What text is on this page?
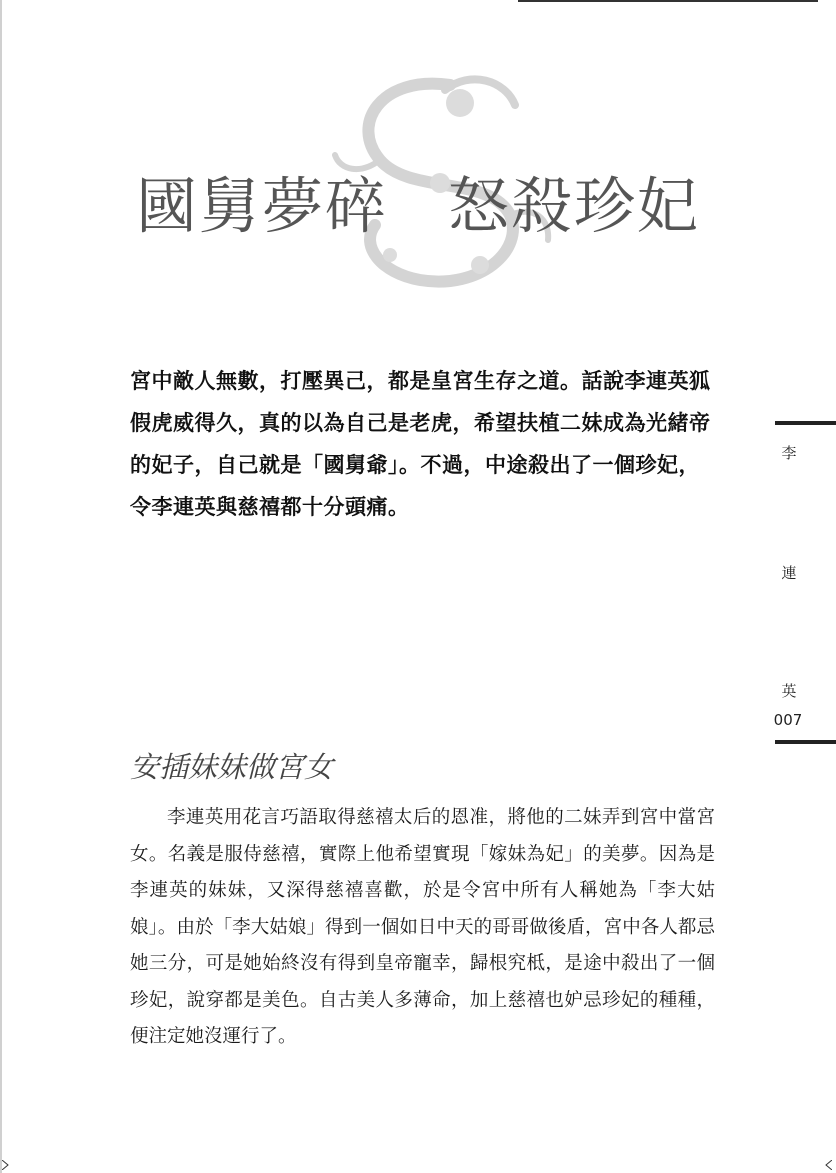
國舅夢碎 怒殺珍妃
宮中敵人無數，打壓異己，都是皇宮生存之道。話說李連英狐假虎威得久，真的以為自己是老虎，希望扶植二妹成為光緒帝的妃子，自己就是「國舅爺」。不過，中途殺出了一個珍妃，令李連英與慈禧都十分頭痛。
安插妹妹做宮女
李連英用花言巧語取得慈禧太后的恩准，將他的二妹弄到宮中當宮女。名義是服侍慈禧，實際上他希望實現「嫁妹為妃」的美夢。因為是李連英的妹妹，又深得慈禧喜歡，於是令宮中所有人稱她為「李大姑娘」。由於「李大姑娘」得到一個如日中天的哥哥做後盾，宮中各人都忌她三分，可是她始終沒有得到皇帝寵幸，歸根究柢，是途中殺出了一個珍妃，說穿都是美色。自古美人多薄命，加上慈禧也妒忌珍妃的種種，便注定她沒運行了。
李
連
英
007
